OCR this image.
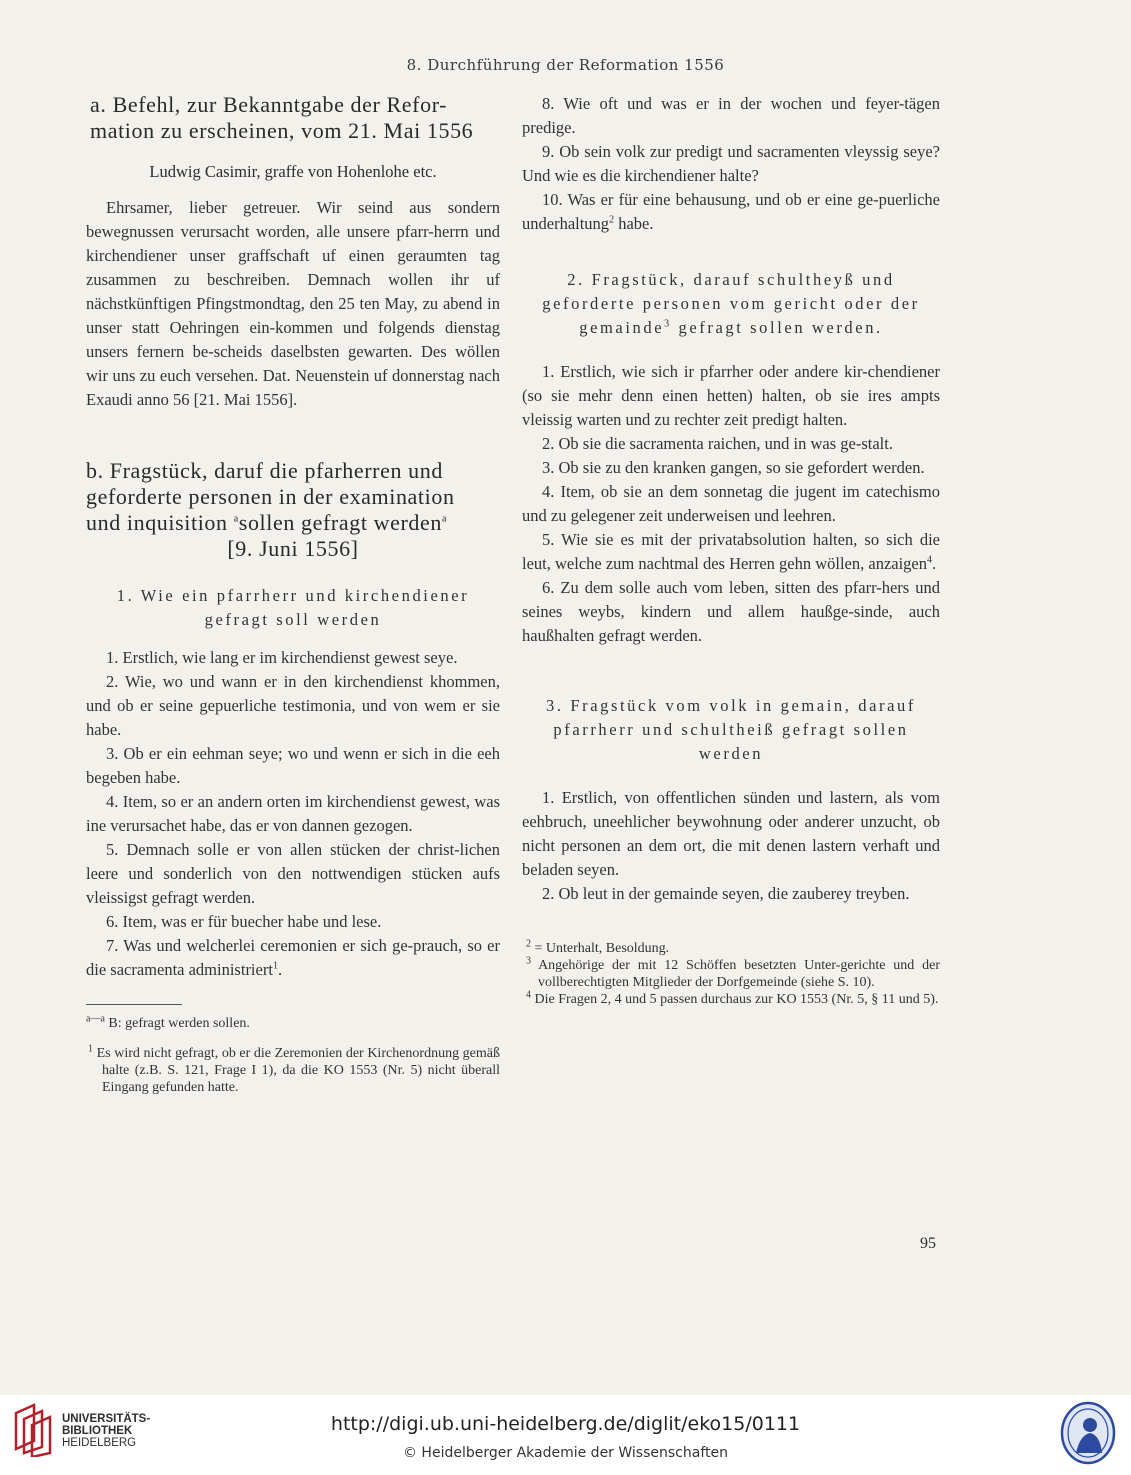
8. Durchführung der Reformation 1556

a. Befehl, zur Bekanntgabe der Refor-

mation zu erscheinen, vom 21. Mai 1556

Ludwig Casimir, graffe von Hohenlohe etc.

Ehrsamer, lieber getreuer. Wir seind aus sondern bewegnussen verursacht worden, alle unsere pfarr-herrn und kirchendiener unser graffschaft uf einen geraumten tag zusammen zu beschreiben. Demnach wollen ihr uf nächstkünftigen Pfingstmondtag, den 25 ten May, zu abend in unser statt Oehringen ein-kommen und folgends dienstag unsers fernern be-scheids daselbsten gewarten. Des wöllen wir uns zu euch versehen. Dat. Neuenstein uf donnerstag nach Exaudi anno 56 [21. Mai 1556].

b. Fragstück, daruf die pfarherren und

geforderte personen in der examination

und inquisition $^a$sollen gefragt werden$^a$

[9. Juni 1556]

1. Wie ein pfarrherr und kirchendiener

gefragt soll werden

1. Erstlich, wie lang er im kirchendienst gewest seye.

2. Wie, wo und wann er in den kirchendienst khommen, und ob er seine gepuerliche testimonia, und von wem er sie habe.

3. Ob er ein eehman seye; wo und wenn er sich in die eeh begeben habe.

4. Item, so er an andern orten im kirchendienst gewest, was ine verursachet habe, das er von dannen gezogen.

5. Demnach solle er von allen stücken der christ-lichen leere und sonderlich von den nottwendigen stücken aufs vleissigst gefragt werden.

6. Item, was er für buecher habe und lese.

7. Was und welcherlei ceremonien er sich ge-prauch, so er die sacramenta administriert$^1$.

$^{a—a}$ B: gefragt werden sollen.

$^1$ Es wird nicht gefragt, ob er die Zeremonien der Kirchenordnung gemäß halte (z.B. S. 121, Frage I 1), da die KO 1553 (Nr. 5) nicht überall Eingang gefunden hatte.

8. Wie oft und was er in der wochen und feyer-tägen predige.

9. Ob sein volk zur predigt und sacramenten vleyssig seye? Und wie es die kirchendiener halte?

10. Was er für eine behausung, und ob er eine ge-puerliche underhaltung$^2$ habe.

2. Fragstück, darauf schultheyß und

geforderte personen vom gericht oder der

gemainde$^3$ gefragt sollen werden.

1. Erstlich, wie sich ir pfarrher oder andere kir-chendiener (so sie mehr denn einen hetten) halten, ob sie ires ampts vleissig warten und zu rechter zeit predigt halten.

2. Ob sie die sacramenta raichen, und in was ge-stalt.

3. Ob sie zu den kranken gangen, so sie gefordert werden.

4. Item, ob sie an dem sonnetag die jugent im catechismo und zu gelegener zeit underweisen und leehren.

5. Wie sie es mit der privatabsolution halten, so sich die leut, welche zum nachtmal des Herren gehn wöllen, anzaigen$^4$.

6. Zu dem solle auch vom leben, sitten des pfarr-hers und seines weybs, kindern und allem haußge-sinde, auch haußhalten gefragt werden.

3. Fragstück vom volk in gemain, darauf

pfarrherr und schultheiß gefragt sollen

werden

1. Erstlich, von offentlichen sünden und lastern, als vom eehbruch, uneehlicher beywohnung oder anderer unzucht, ob nicht personen an dem ort, die mit denen lastern verhaft und beladen seyen.

2. Ob leut in der gemainde seyen, die zauberey treyben.

$^2$ = Unterhalt, Besoldung.

$^3$ Angehörige der mit 12 Schöffen besetzten Unter-gerichte und der vollberechtigten Mitglieder der Dorfgemeinde (siehe S. 10).

$^4$ Die Fragen 2, 4 und 5 passen durchaus zur KO 1553 (Nr. 5, § 11 und 5).

95
UNIVERSITÄTS-
BIBLIOTHEK
HEIDELBERG
http://digi.ub.uni-heidelberg.de/diglit/eko15/0111
© Heidelberger Akademie der Wissenschaften
